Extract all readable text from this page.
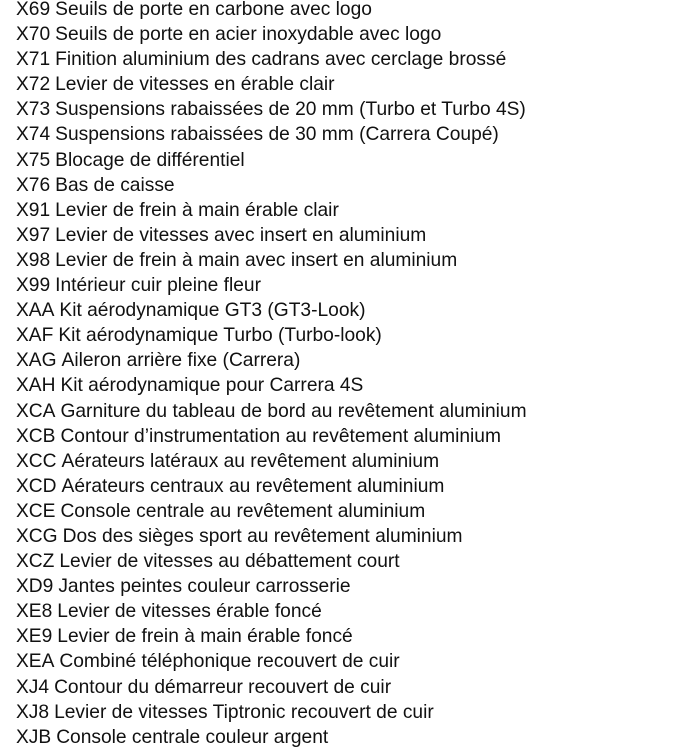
X69 Seuils de porte en carbone avec logo
X70 Seuils de porte en acier inoxydable avec logo
X71 Finition aluminium des cadrans avec cerclage brossé
X72 Levier de vitesses en érable clair
X73 Suspensions rabaissées de 20 mm (Turbo et Turbo 4S)
X74 Suspensions rabaissées de 30 mm (Carrera Coupé)
X75 Blocage de différentiel
X76 Bas de caisse
X91 Levier de frein à main érable clair
X97 Levier de vitesses avec insert en aluminium
X98 Levier de frein à main avec insert en aluminium
X99 Intérieur cuir pleine fleur
XAA Kit aérodynamique GT3 (GT3-Look)
XAF Kit aérodynamique Turbo (Turbo-look)
XAG Aileron arrière fixe (Carrera)
XAH Kit aérodynamique pour Carrera 4S
XCA Garniture du tableau de bord au revêtement aluminium
XCB Contour d’instrumentation au revêtement aluminium
XCC Aérateurs latéraux au revêtement aluminium
XCD Aérateurs centraux au revêtement aluminium
XCE Console centrale au revêtement aluminium
XCG Dos des sièges sport au revêtement aluminium
XCZ Levier de vitesses au débattement court
XD9 Jantes peintes couleur carrosserie
XE8 Levier de vitesses érable foncé
XE9 Levier de frein à main érable foncé
XEA Combiné téléphonique recouvert de cuir
XJ4 Contour du démarreur recouvert de cuir
XJ8 Levier de vitesses Tiptronic recouvert de cuir
XJB Console centrale couleur argent
